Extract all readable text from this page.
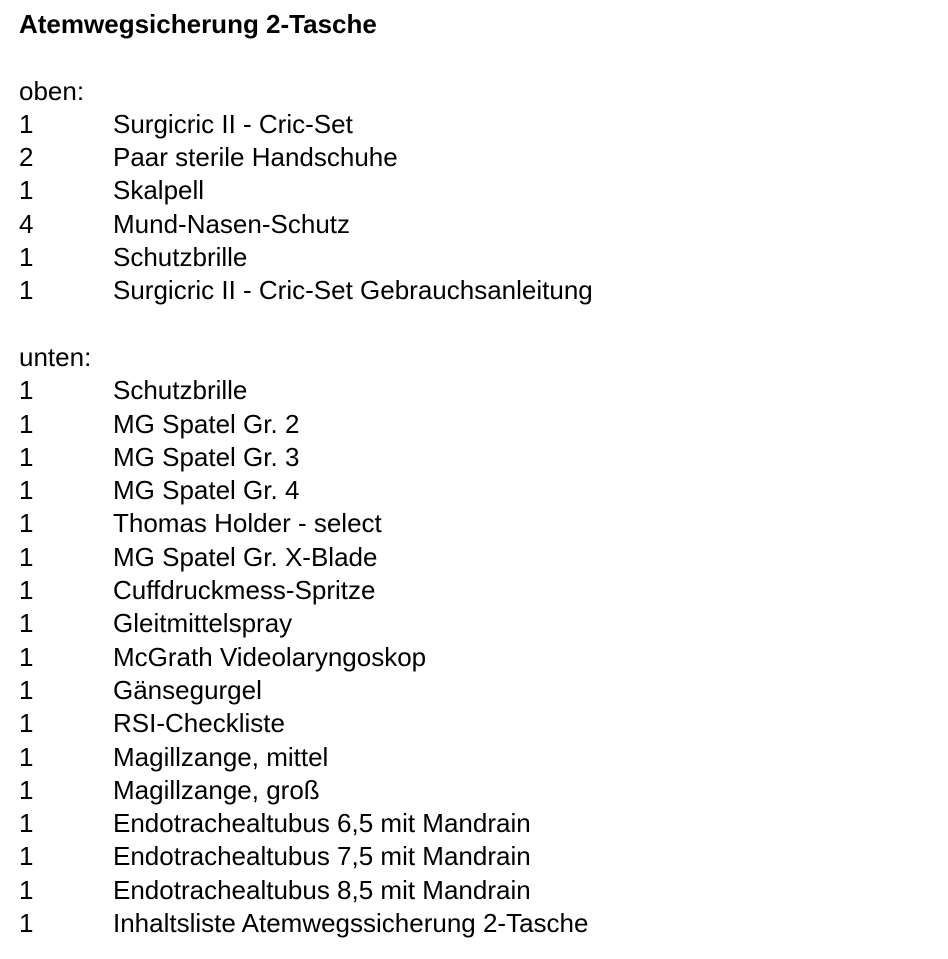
Atemwegsicherung 2-Tasche
oben:
1	Surgicric II - Cric-Set
2	Paar sterile Handschuhe
1	Skalpell
4	Mund-Nasen-Schutz
1	Schutzbrille
1	Surgicric II - Cric-Set Gebrauchsanleitung
unten:
1	Schutzbrille
1	MG Spatel Gr. 2
1	MG Spatel Gr. 3
1	MG Spatel Gr. 4
1	Thomas Holder - select
1	MG Spatel Gr. X-Blade
1	Cuffdruckmess-Spritze
1	Gleitmittelspray
1	McGrath Videolaryngoskop
1	Gänsegurgel
1	RSI-Checkliste
1	Magillzange, mittel
1	Magillzange, groß
1	Endotrachealtubus 6,5 mit Mandrain
1	Endotrachealtubus 7,5 mit Mandrain
1	Endotrachealtubus 8,5 mit Mandrain
1	Inhaltsliste Atemwegssicherung 2-Tasche
